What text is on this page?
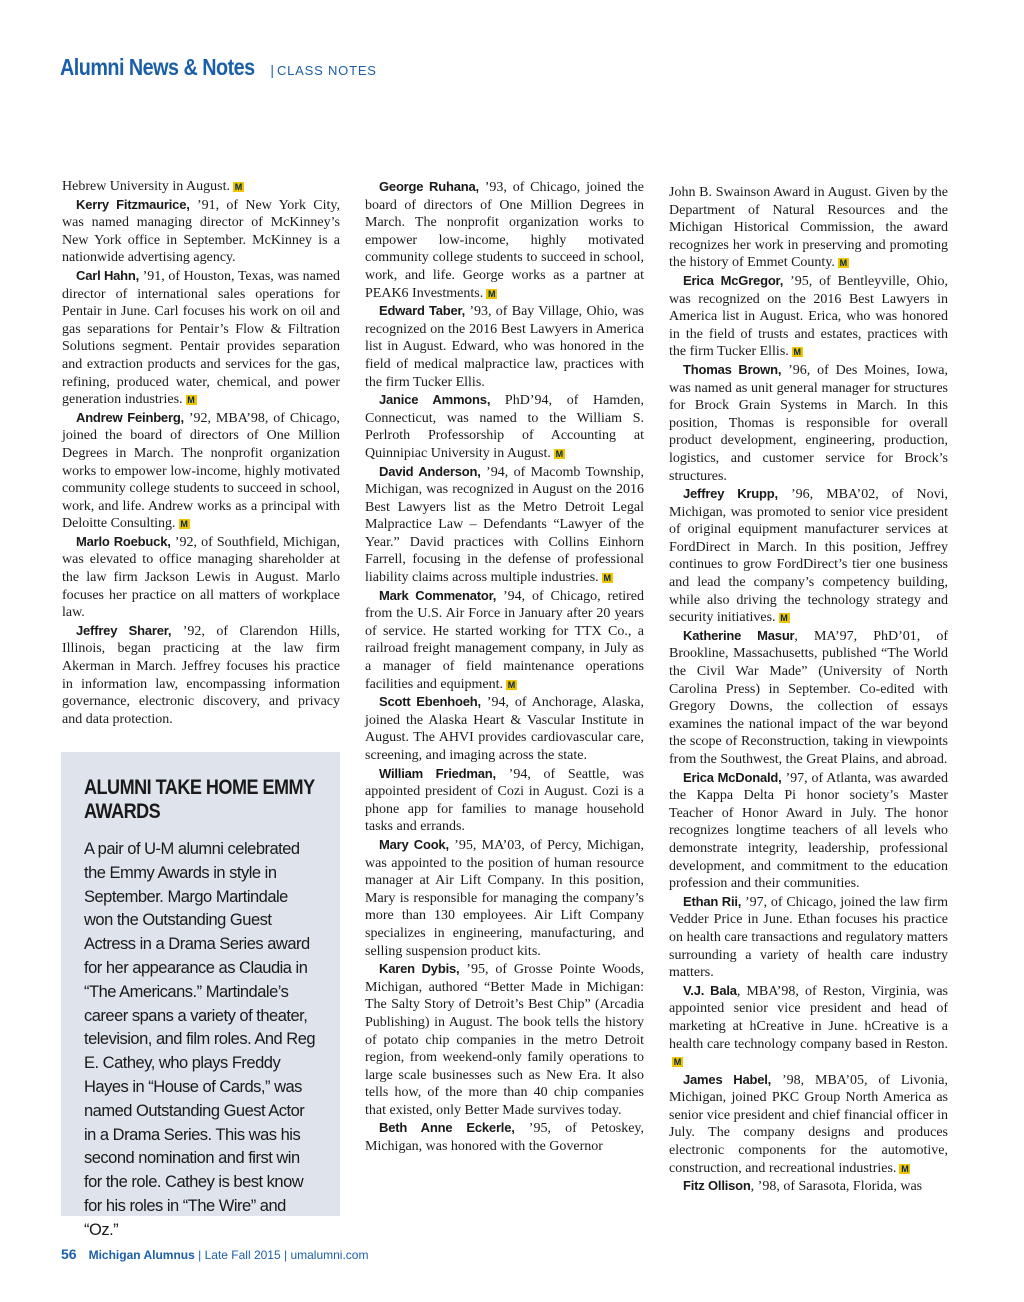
Alumni News & Notes | CLASS NOTES

Hebrew University in August. M

Kerry Fitzmaurice, ’91, of New York City, was named managing director of McKinney’s New York office in September. McKinney is a nationwide advertising agency.

Carl Hahn, ’91, of Houston, Texas, was named director of international sales operations for Pentair in June. Carl focuses his work on oil and gas separations for Pentair’s Flow & Filtration Solutions segment. Pentair provides separation and extraction products and services for the gas, refining, produced water, chemical, and power generation industries. M

Andrew Feinberg, ’92, MBA’98, of Chicago, joined the board of directors of One Million Degrees in March. The nonprofit organization works to empower low-income, highly motivated community college students to succeed in school, work, and life. Andrew works as a principal with Deloitte Consulting. M

Marlo Roebuck, ’92, of Southfield, Michigan, was elevated to office managing shareholder at the law firm Jackson Lewis in August. Marlo focuses her practice on all matters of workplace law.

Jeffrey Sharer, ’92, of Clarendon Hills, Illinois, began practicing at the law firm Akerman in March. Jeffrey focuses his practice in information law, encompassing information governance, electronic discovery, and privacy and data protection.

ALUMNI TAKE HOME EMMY AWARDS

A pair of U-M alumni celebrated the Emmy Awards in style in September. Margo Martindale won the Outstanding Guest Actress in a Drama Series award for her appearance as Claudia in “The Americans.” Martindale’s career spans a variety of theater, television, and film roles. And Reg E. Cathey, who plays Freddy Hayes in “House of Cards,” was named Outstanding Guest Actor in a Drama Series. This was his second nomination and first win for the role. Cathey is best know for his roles in “The Wire” and “Oz.”

George Ruhana, ’93, of Chicago, joined the board of directors of One Million Degrees in March. The nonprofit organization works to empower low-income, highly motivated community college students to succeed in school, work, and life. George works as a partner at PEAK6 Investments. M

Edward Taber, ’93, of Bay Village, Ohio, was recognized on the 2016 Best Lawyers in America list in August. Edward, who was honored in the field of medical malpractice law, practices with the firm Tucker Ellis.

Janice Ammons, PhD’94, of Hamden, Connecticut, was named to the William S. Perlroth Professorship of Accounting at Quinnipiac University in August. M

David Anderson, ’94, of Macomb Township, Michigan, was recognized in August on the 2016 Best Lawyers list as the Metro Detroit Legal Malpractice Law – Defendants “Lawyer of the Year.” David practices with Collins Einhorn Farrell, focusing in the defense of professional liability claims across multiple industries. M

Mark Commenator, ’94, of Chicago, retired from the U.S. Air Force in January after 20 years of service. He started working for TTX Co., a railroad freight management company, in July as a manager of field maintenance operations facilities and equipment. M

Scott Ebenhoeh, ’94, of Anchorage, Alaska, joined the Alaska Heart & Vascular Institute in August. The AHVI provides cardiovascular care, screening, and imaging across the state.

William Friedman, ’94, of Seattle, was appointed president of Cozi in August. Cozi is a phone app for families to manage household tasks and errands.

Mary Cook, ’95, MA’03, of Percy, Michigan, was appointed to the position of human resource manager at Air Lift Company. In this position, Mary is responsible for managing the company’s more than 130 employees. Air Lift Company specializes in engineering, manufacturing, and selling suspension product kits.

Karen Dybis, ’95, of Grosse Pointe Woods, Michigan, authored “Better Made in Michigan: The Salty Story of Detroit’s Best Chip” (Arcadia Publishing) in August. The book tells the history of potato chip companies in the metro Detroit region, from weekend-only family operations to large scale businesses such as New Era. It also tells how, of the more than 40 chip companies that existed, only Better Made survives today.

Beth Anne Eckerle, ’95, of Petoskey, Michigan, was honored with the Governor

John B. Swainson Award in August. Given by the Department of Natural Resources and the Michigan Historical Commission, the award recognizes her work in preserving and promoting the history of Emmet County. M

Erica McGregor, ’95, of Bentleyville, Ohio, was recognized on the 2016 Best Lawyers in America list in August. Erica, who was honored in the field of trusts and estates, practices with the firm Tucker Ellis. M

Thomas Brown, ’96, of Des Moines, Iowa, was named as unit general manager for structures for Brock Grain Systems in March. In this position, Thomas is responsible for overall product development, engineering, production, logistics, and customer service for Brock’s structures.

Jeffrey Krupp, ’96, MBA’02, of Novi, Michigan, was promoted to senior vice president of original equipment manufacturer services at FordDirect in March. In this position, Jeffrey continues to grow FordDirect’s tier one business and lead the company’s competency building, while also driving the technology strategy and security initiatives. M

Katherine Masur, MA’97, PhD’01, of Brookline, Massachusetts, published “The World the Civil War Made” (University of North Carolina Press) in September. Co-edited with Gregory Downs, the collection of essays examines the national impact of the war beyond the scope of Reconstruction, taking in viewpoints from the Southwest, the Great Plains, and abroad.

Erica McDonald, ’97, of Atlanta, was awarded the Kappa Delta Pi honor society’s Master Teacher of Honor Award in July. The honor recognizes longtime teachers of all levels who demonstrate integrity, leadership, professional development, and commitment to the education profession and their communities.

Ethan Rii, ’97, of Chicago, joined the law firm Vedder Price in June. Ethan focuses his practice on health care transactions and regulatory matters surrounding a variety of health care industry matters.

V.J. Bala, MBA’98, of Reston, Virginia, was appointed senior vice president and head of marketing at hCreative in June. hCreative is a health care technology company based in Reston.M

James Habel, ’98, MBA’05, of Livonia, Michigan, joined PKC Group North America as senior vice president and chief financial officer in July. The company designs and produces electronic components for the automotive, construction, and recreational industries. M

Fitz Ollison, ’98, of Sarasota, Florida, was

56 Michigan Alumnus | Late Fall 2015 | umalumni.com
